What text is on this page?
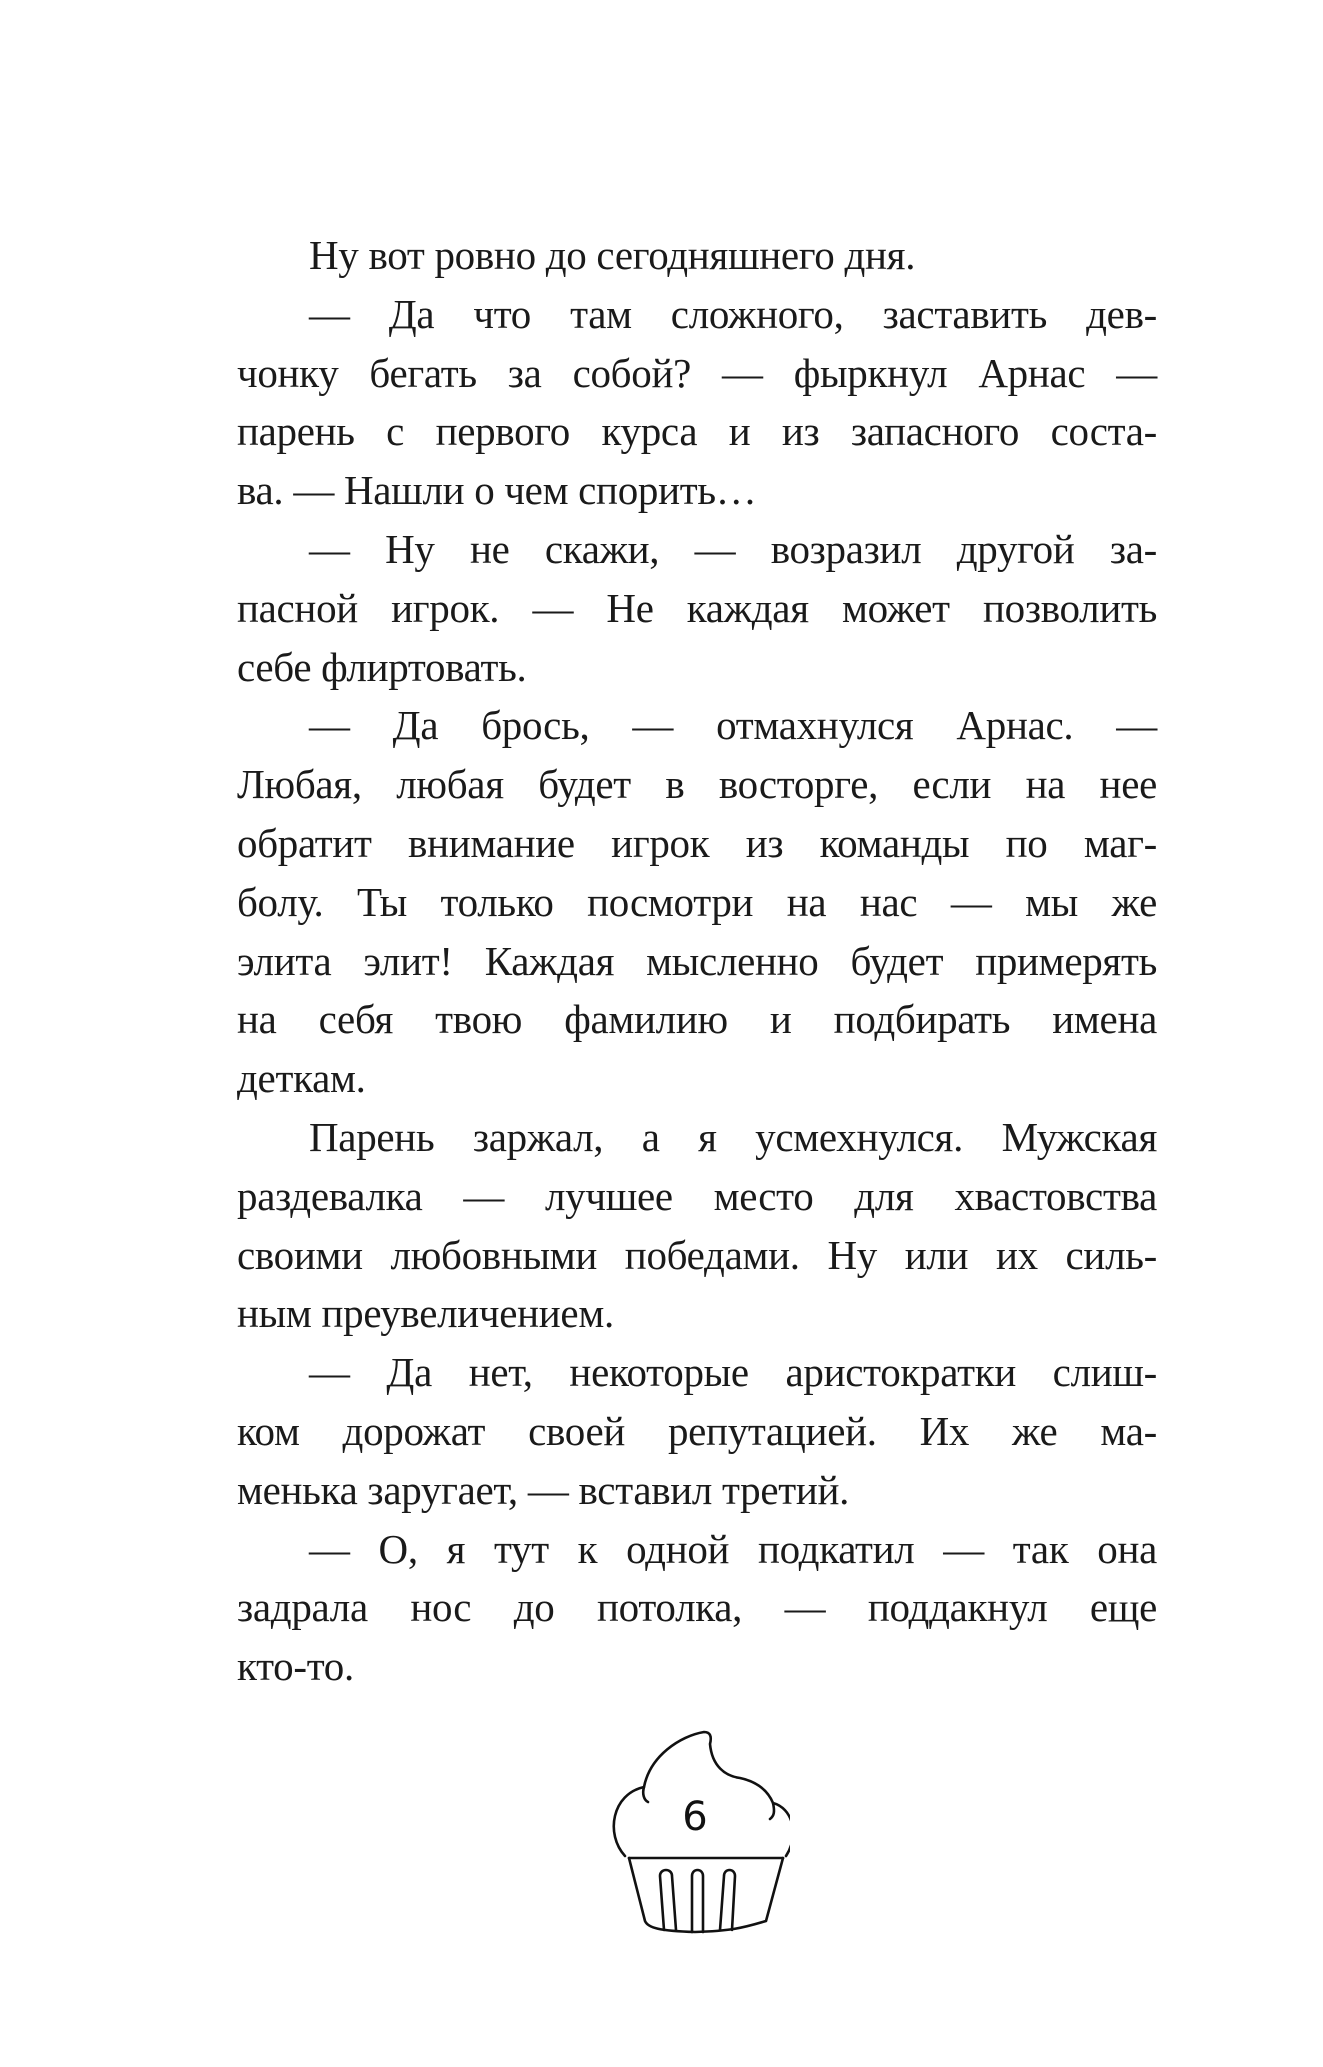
Ну вот ровно до сегодняшнего дня.
— Да что там сложного, заставить дев-
чонку бегать за собой? — фыркнул Арнас —
парень с первого курса и из запасного соста-
ва. — Нашли о чем спорить…
— Ну не скажи, — возразил другой за-
пасной игрок. — Не каждая может позволить
себе флиртовать.
— Да брось, — отмахнулся Арнас. —
Любая, любая будет в восторге, если на нее
обратит внимание игрок из команды по маг-
болу. Ты только посмотри на нас — мы же
элита элит! Каждая мысленно будет примерять
на себя твою фамилию и подбирать имена
деткам.
Парень заржал, а я усмехнулся. Мужская
раздевалка — лучшее место для хвастовства
своими любовными победами. Ну или их силь-
ным преувеличением.
— Да нет, некоторые аристократки слиш-
ком дорожат своей репутацией. Их же ма-
менька заругает, — вставил третий.
— О, я тут к одной подкатил — так она
задрала нос до потолка, — поддакнул еще
кто-то.
6
